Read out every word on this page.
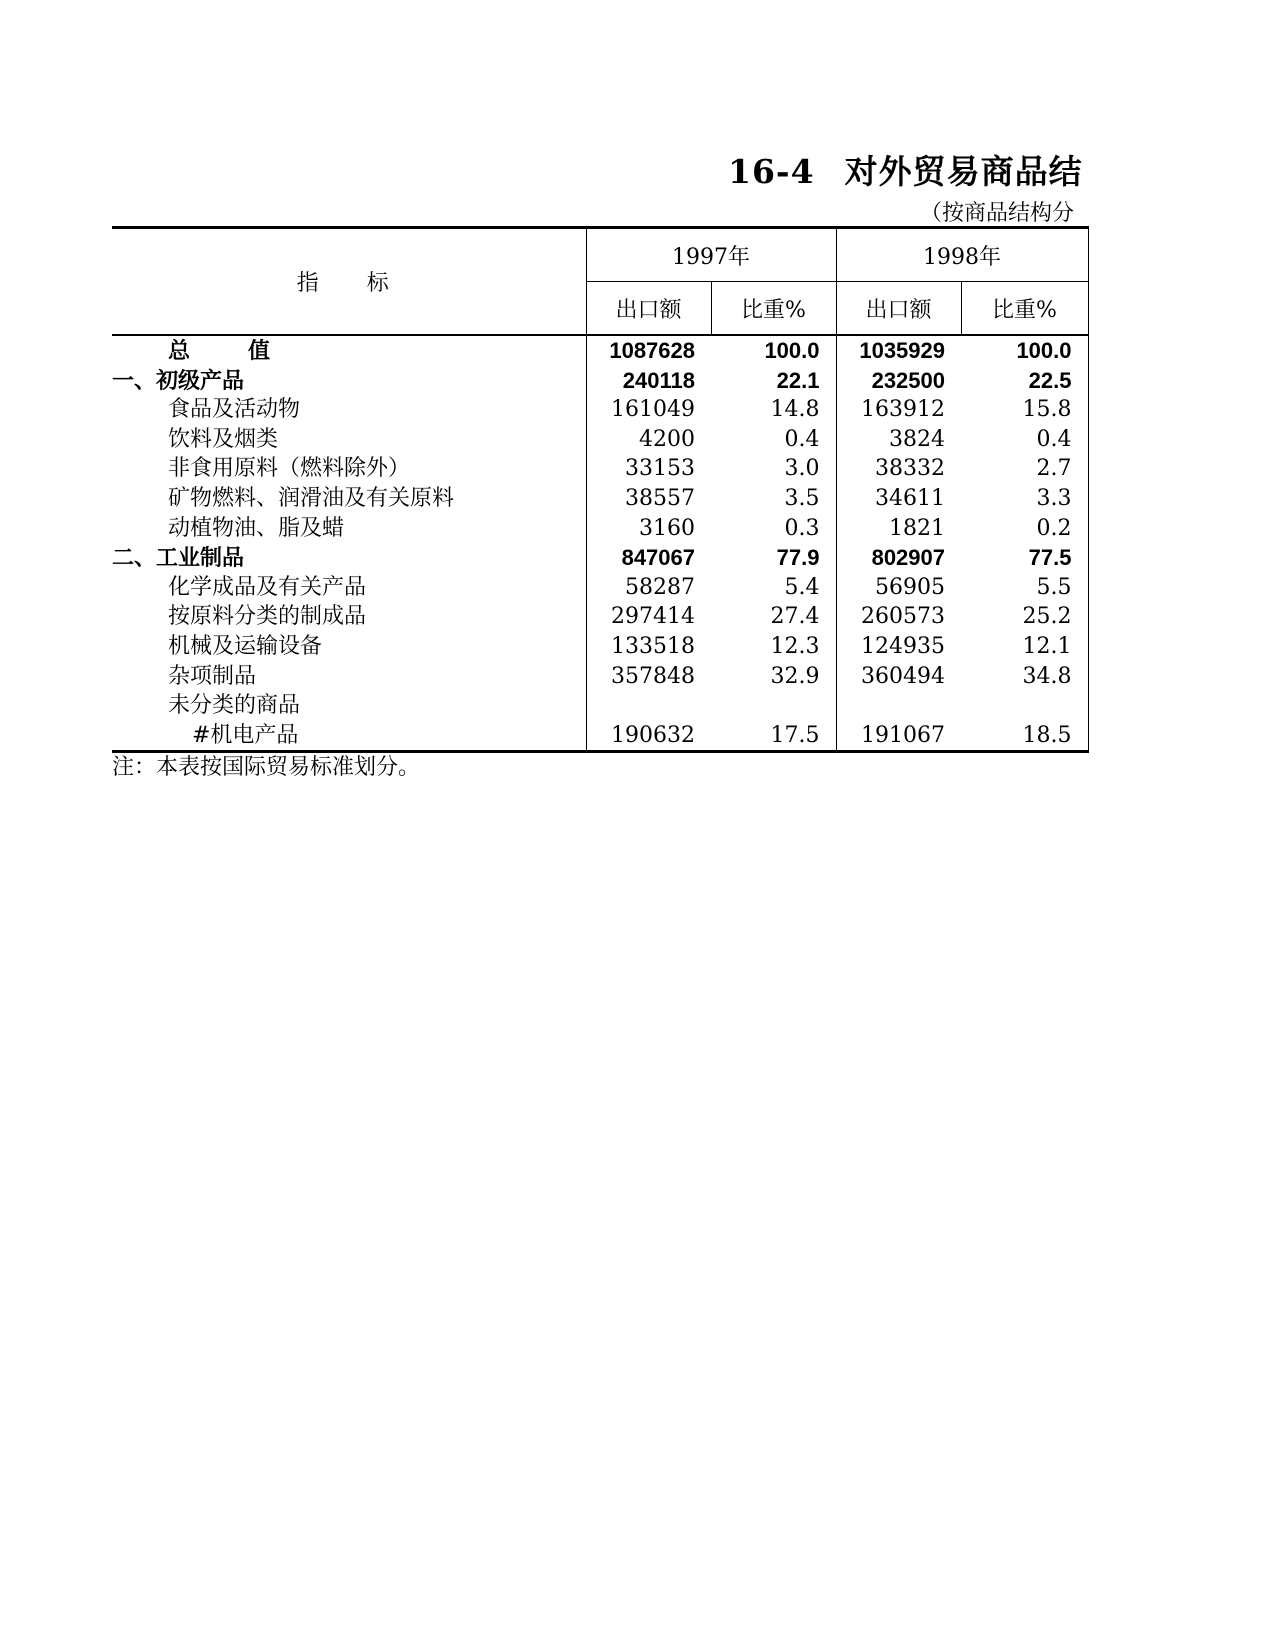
16-4 对外贸易商品结
（按商品结构分
指标	1997年		1998年	
	出口额	比重%	出口额	比重%
总值	1087628	100.0	1035929	100.0
一、初级产品	240118	22.1	232500	22.5
食品及活动物	161049	14.8	163912	15.8
饮料及烟类	4200	0.4	3824	0.4
非食用原料（燃料除外）	33153	3.0	38332	2.7
矿物燃料、润滑油及有关原料	38557	3.5	34611	3.3
动植物油、脂及蜡	3160	0.3	1821	0.2
二、工业制品	847067	77.9	802907	77.5
化学成品及有关产品	58287	5.4	56905	5.5
按原料分类的制成品	297414	27.4	260573	25.2
机械及运输设备	133518	12.3	124935	12.1
杂项制品	357848	32.9	360494	34.8
未分类的商品				
#机电产品	190632	17.5	191067	18.5
注：本表按国际贸易标准划分。
